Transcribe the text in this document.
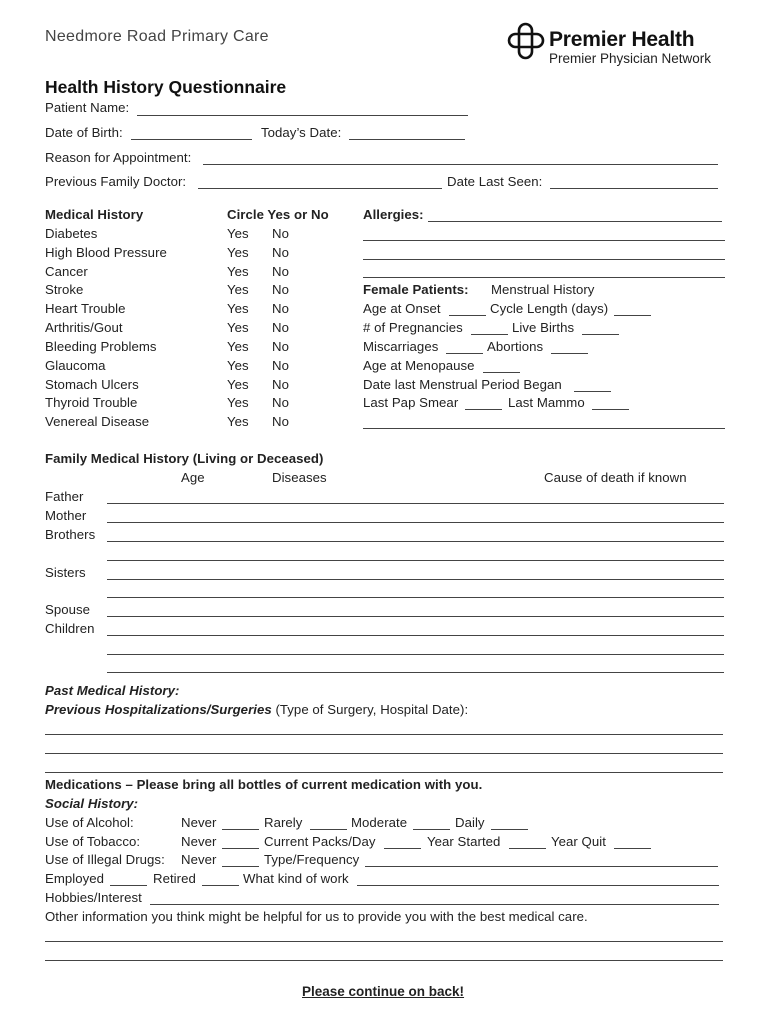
Needmore Road Primary Care	Premier Health
Premier Physician Network
Health History Questionnaire
Patient Name:
Date of Birth:	Today’s Date:
Reason for Appointment:
Previous Family Doctor:	Date Last Seen:
Medical History	Circle Yes or No
Diabetes	Yes No
High Blood Pressure	Yes No
Cancer	Yes No
Stroke	Yes No
Heart Trouble	Yes No
Arthritis/Gout	Yes No
Bleeding Problems	Yes No
Glaucoma	Yes No
Stomach Ulcers	Yes No
Thyroid Trouble	Yes No
Venereal Disease	Yes No
Allergies:
Female Patients: Menstrual History
Age at Onset	Cycle Length (days)
# of Pregnancies	Live Births
Miscarriages	Abortions
Age at Menopause
Date last Menstrual Period Began
Last Pap Smear	Last Mammo
Family Medical History (Living or Deceased)
Age	Diseases	Cause of death if known
Father
Mother
Brothers
Sisters
Spouse
Children
Past Medical History:
Previous Hospitalizations/Surgeries (Type of Surgery, Hospital Date):
Medications – Please bring all bottles of current medication with you.
Social History:
Use of Alcohol:	Never	Rarely	Moderate	Daily
Use of Tobacco:	Never	Current Packs/Day	Year Started	Year Quit
Use of Illegal Drugs: Never	Type/Frequency
Employed	Retired	What kind of work
Hobbies/Interest
Other information you think might be helpful for us to provide you with the best medical care.
Please continue on back!
